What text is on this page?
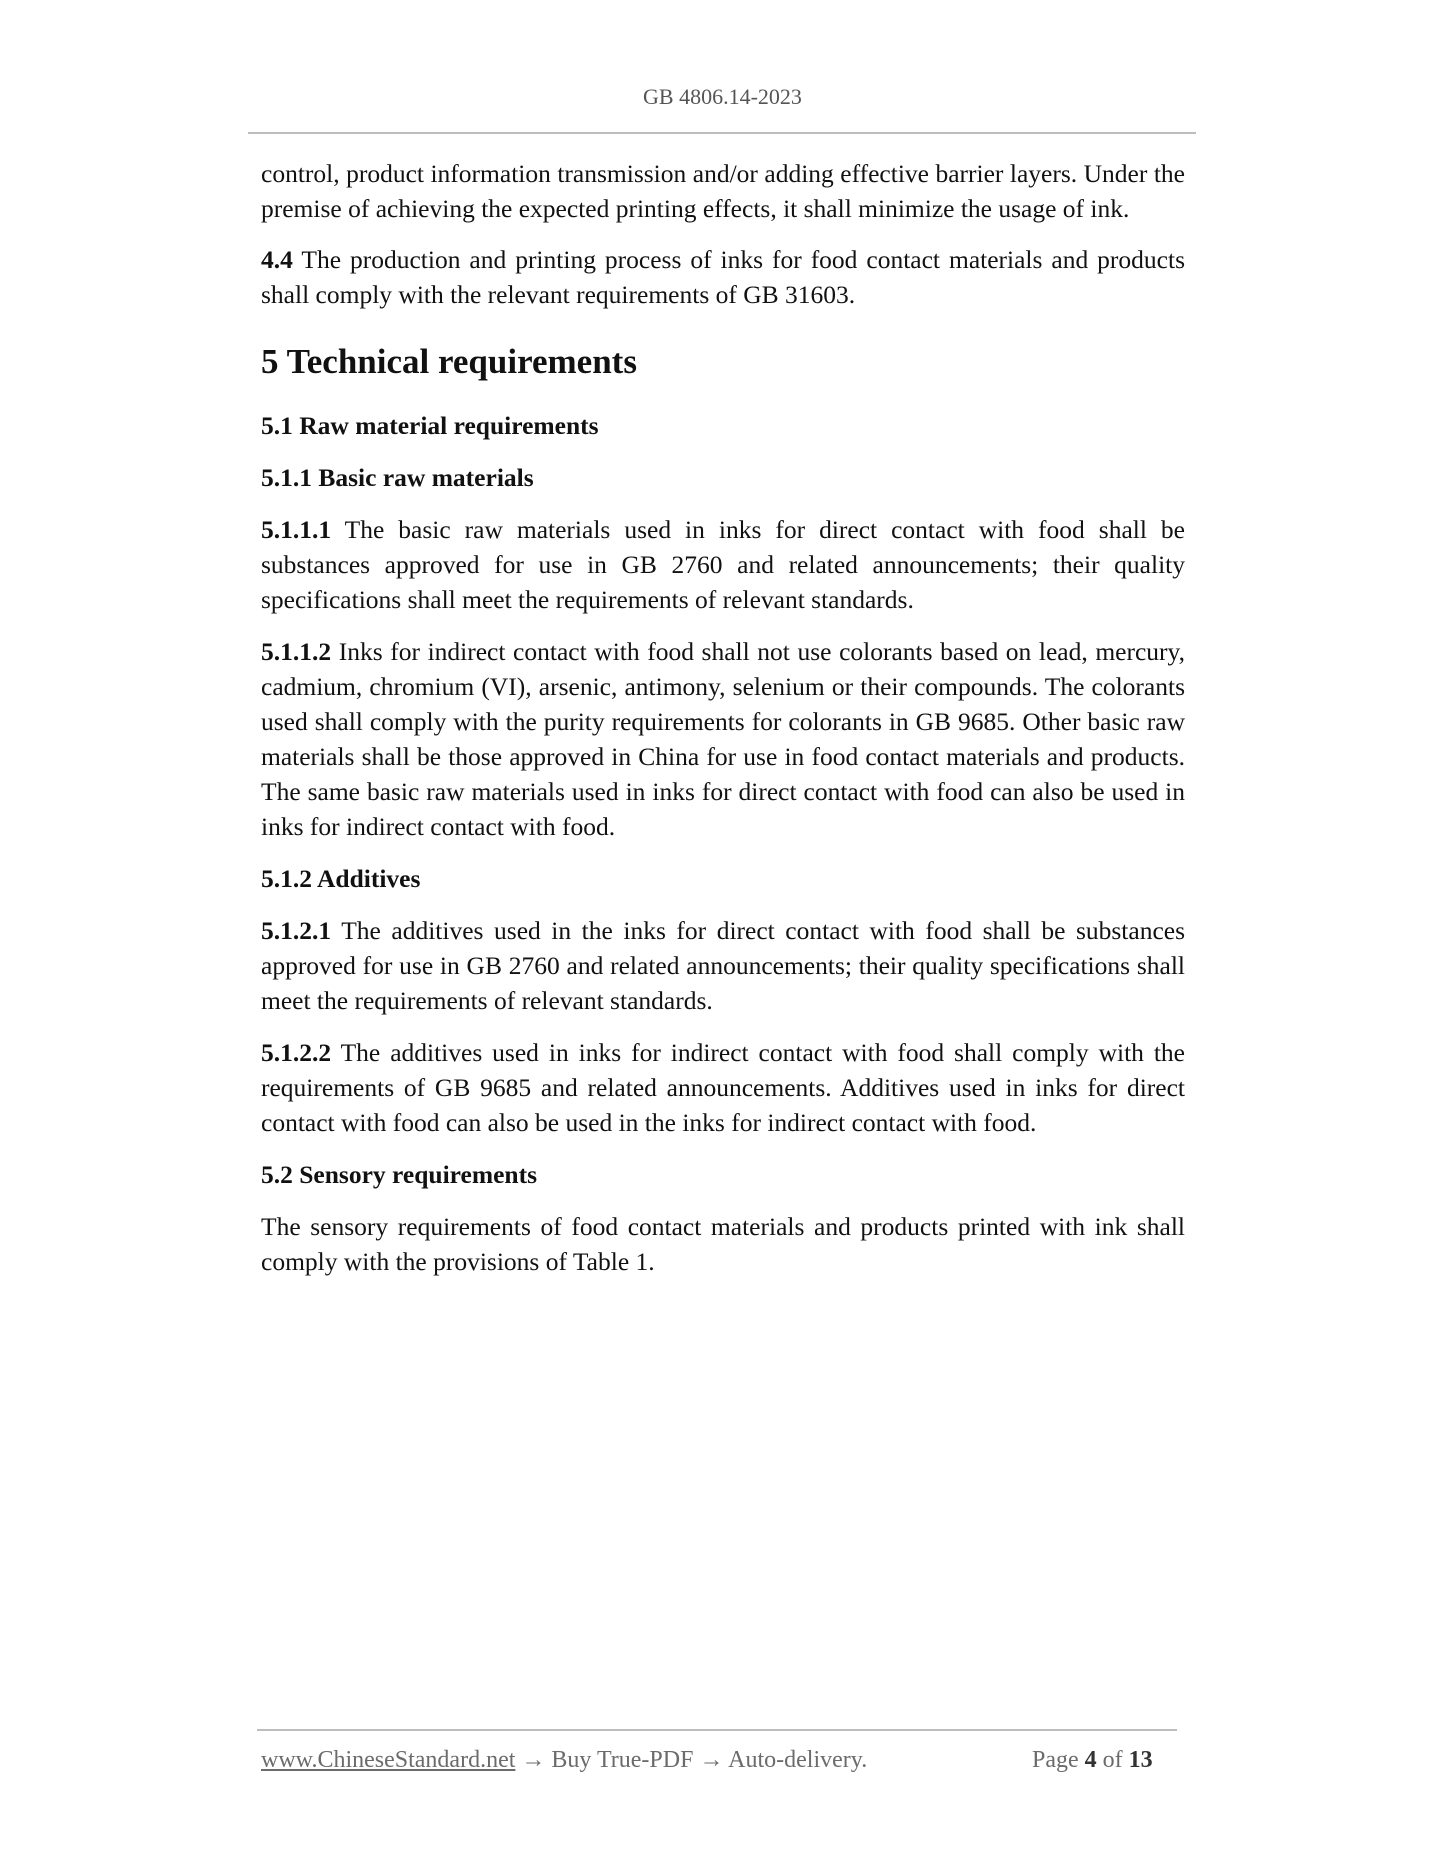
GB 4806.14-2023

control, product information transmission and/or adding effective barrier layers. Under the premise of achieving the expected printing effects, it shall minimize the usage of ink.

4.4 The production and printing process of inks for food contact materials and products shall comply with the relevant requirements of GB 31603.

5 Technical requirements
5.1 Raw material requirements
5.1.1 Basic raw materials

5.1.1.1 The basic raw materials used in inks for direct contact with food shall be substances approved for use in GB 2760 and related announcements; their quality specifications shall meet the requirements of relevant standards.

5.1.1.2 Inks for indirect contact with food shall not use colorants based on lead, mercury, cadmium, chromium (VI), arsenic, antimony, selenium or their compounds. The colorants used shall comply with the purity requirements for colorants in GB 9685. Other basic raw materials shall be those approved in China for use in food contact materials and products. The same basic raw materials used in inks for direct contact with food can also be used in inks for indirect contact with food.

5.1.2 Additives

5.1.2.1 The additives used in the inks for direct contact with food shall be substances approved for use in GB 2760 and related announcements; their quality specifications shall meet the requirements of relevant standards.

5.1.2.2 The additives used in inks for indirect contact with food shall comply with the requirements of GB 9685 and related announcements. Additives used in inks for direct contact with food can also be used in the inks for indirect contact with food.

5.2 Sensory requirements

The sensory requirements of food contact materials and products printed with ink shall comply with the provisions of Table 1.

www.ChineseStandard.net → Buy True-PDF → Auto-delivery.	Page 4 of 13
